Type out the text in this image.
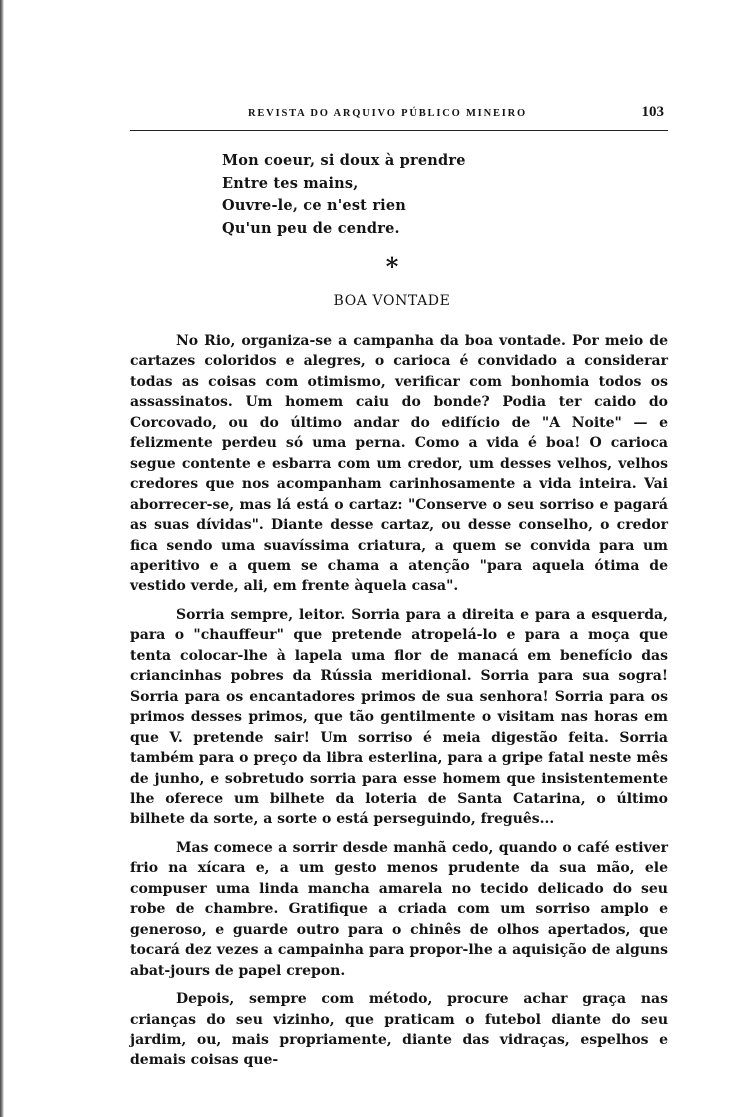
REVISTA DO ARQUIVO PÚBLICO MINEIRO	103
Mon coeur, si doux à prendre
Entre tes mains,
Ouvre-le, ce n'est rien
Qu'un peu de cendre.
*
BOA VONTADE

No Rio, organiza-se a campanha da boa vontade. Por meio de cartazes coloridos e alegres, o carioca é convidado a considerar todas as coisas com otimismo, verificar com bonhomia todos os assassinatos. Um homem caiu do bonde? Podia ter caido do Corcovado, ou do último andar do edifício de "A Noite" — e felizmente perdeu só uma perna. Como a vida é boa! O carioca segue contente e esbarra com um credor, um desses velhos, velhos credores que nos acompanham carinhosamente a vida inteira. Vai aborrecer-se, mas lá está o cartaz: "Conserve o seu sorriso e pagará as suas dívidas". Diante desse cartaz, ou desse conselho, o credor fica sendo uma suavíssima criatura, a quem se convida para um aperitivo e a quem se chama a atenção "para aquela ótima de vestido verde, ali, em frente àquela casa".

Sorria sempre, leitor. Sorria para a direita e para a esquerda, para o "chauffeur" que pretende atropelá-lo e para a moça que tenta colocar-lhe à lapela uma flor de manacá em benefício das criancinhas pobres da Rússia meridional. Sorria para sua sogra! Sorria para os encantadores primos de sua senhora! Sorria para os primos desses primos, que tão gentilmente o visitam nas horas em que V. pretende sair! Um sorriso é meia digestão feita. Sorria também para o preço da libra esterlina, para a gripe fatal neste mês de junho, e sobretudo sorria para esse homem que insistentemente lhe oferece um bilhete da loteria de Santa Catarina, o último bilhete da sorte, a sorte o está perseguindo, freguês...

Mas comece a sorrir desde manhã cedo, quando o café estiver frio na xícara e, a um gesto menos prudente da sua mão, ele compuser uma linda mancha amarela no tecido delicado do seu robe de chambre. Gratifique a criada com um sorriso amplo e generoso, e guarde outro para o chinês de olhos apertados, que tocará dez vezes a campainha para propor-lhe a aquisição de alguns abat-jours de papel crepon.

Depois, sempre com método, procure achar graça nas crianças do seu vizinho, que praticam o futebol diante do seu jardim, ou, mais propriamente, diante das vidraças, espelhos e demais coisas que-
